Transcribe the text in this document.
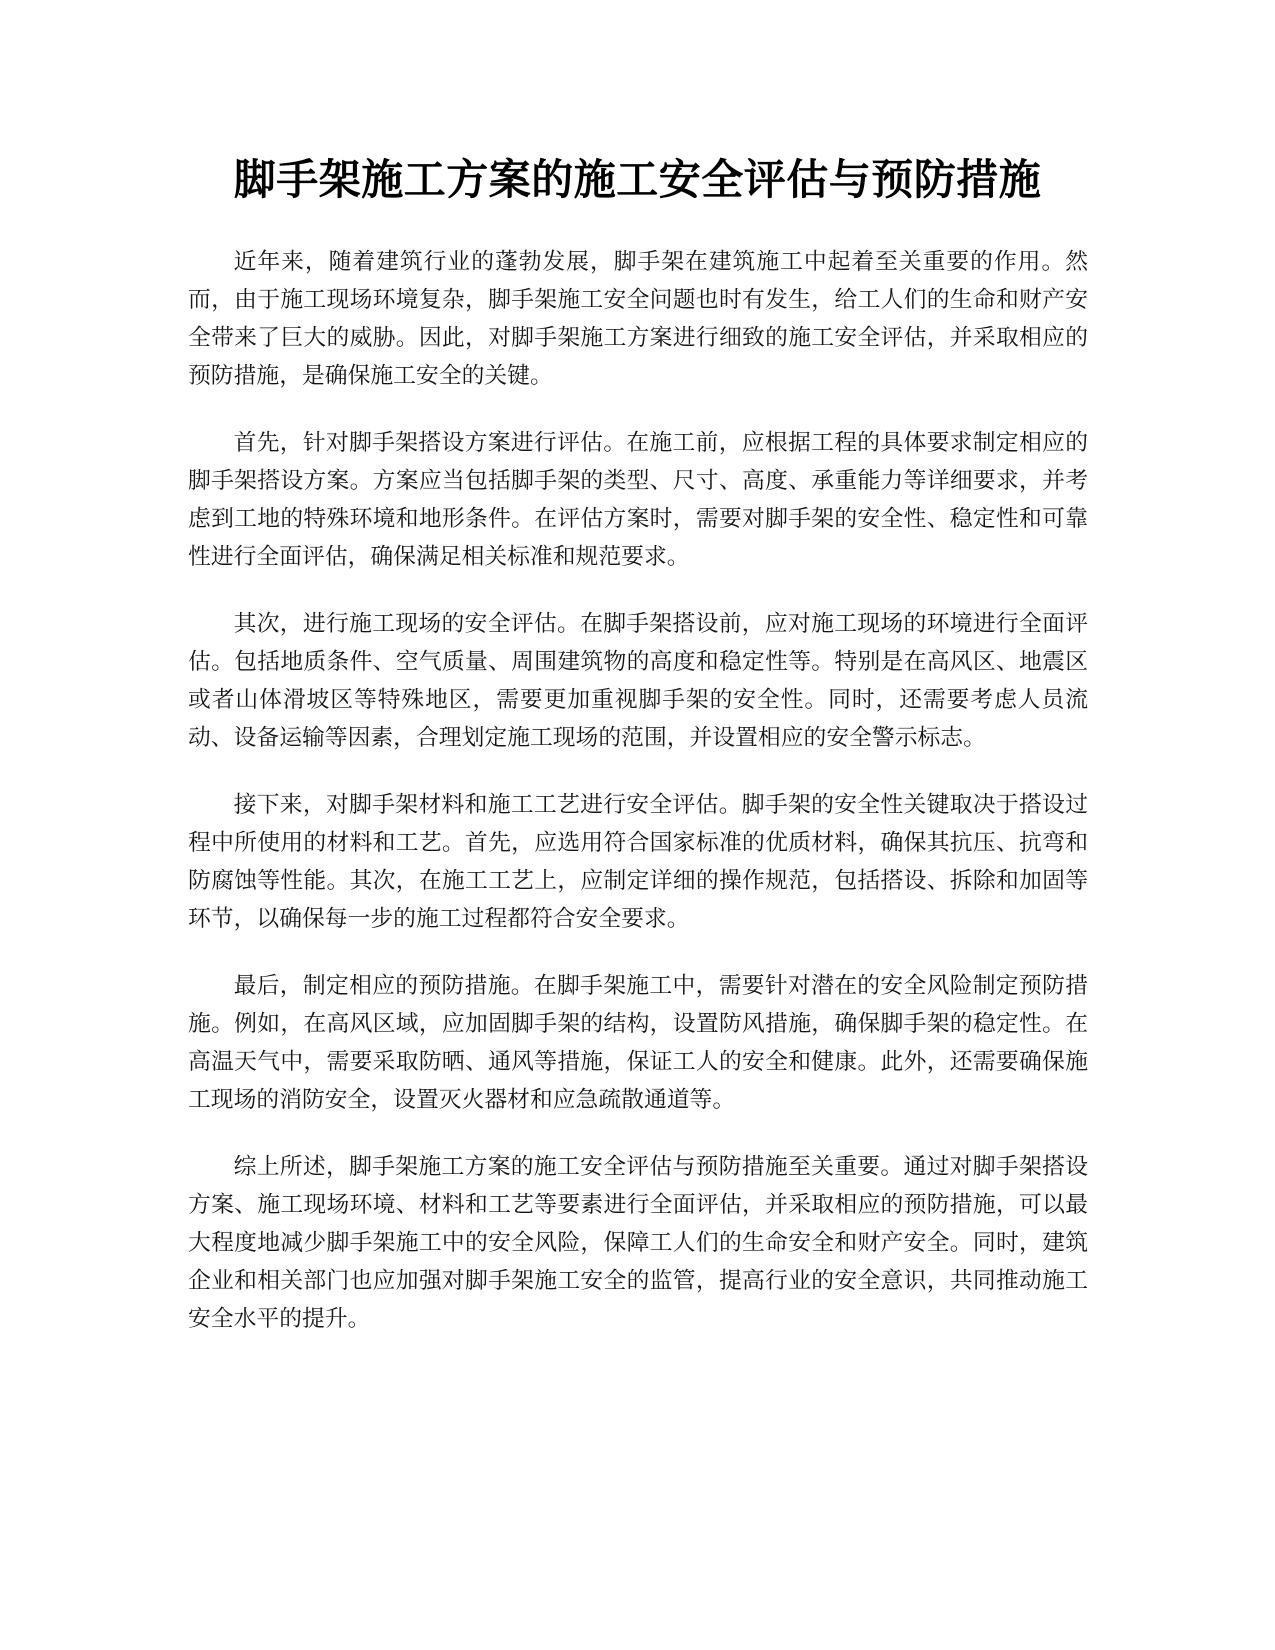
脚手架施工方案的施工安全评估与预防措施

近年来，随着建筑行业的蓬勃发展，脚手架在建筑施工中起着至关重要的作用。然而，由于施工现场环境复杂，脚手架施工安全问题也时有发生，给工人们的生命和财产安全带来了巨大的威胁。因此，对脚手架施工方案进行细致的施工安全评估，并采取相应的预防措施，是确保施工安全的关键。

首先，针对脚手架搭设方案进行评估。在施工前，应根据工程的具体要求制定相应的脚手架搭设方案。方案应当包括脚手架的类型、尺寸、高度、承重能力等详细要求，并考虑到工地的特殊环境和地形条件。在评估方案时，需要对脚手架的安全性、稳定性和可靠性进行全面评估，确保满足相关标准和规范要求。

其次，进行施工现场的安全评估。在脚手架搭设前，应对施工现场的环境进行全面评估。包括地质条件、空气质量、周围建筑物的高度和稳定性等。特别是在高风区、地震区或者山体滑坡区等特殊地区，需要更加重视脚手架的安全性。同时，还需要考虑人员流动、设备运输等因素，合理划定施工现场的范围，并设置相应的安全警示标志。

接下来，对脚手架材料和施工工艺进行安全评估。脚手架的安全性关键取决于搭设过程中所使用的材料和工艺。首先，应选用符合国家标准的优质材料，确保其抗压、抗弯和防腐蚀等性能。其次，在施工工艺上，应制定详细的操作规范，包括搭设、拆除和加固等环节，以确保每一步的施工过程都符合安全要求。

最后，制定相应的预防措施。在脚手架施工中，需要针对潜在的安全风险制定预防措施。例如，在高风区域，应加固脚手架的结构，设置防风措施，确保脚手架的稳定性。在高温天气中，需要采取防晒、通风等措施，保证工人的安全和健康。此外，还需要确保施工现场的消防安全，设置灭火器材和应急疏散通道等。

综上所述，脚手架施工方案的施工安全评估与预防措施至关重要。通过对脚手架搭设方案、施工现场环境、材料和工艺等要素进行全面评估，并采取相应的预防措施，可以最大程度地减少脚手架施工中的安全风险，保障工人们的生命安全和财产安全。同时，建筑企业和相关部门也应加强对脚手架施工安全的监管，提高行业的安全意识，共同推动施工安全水平的提升。
